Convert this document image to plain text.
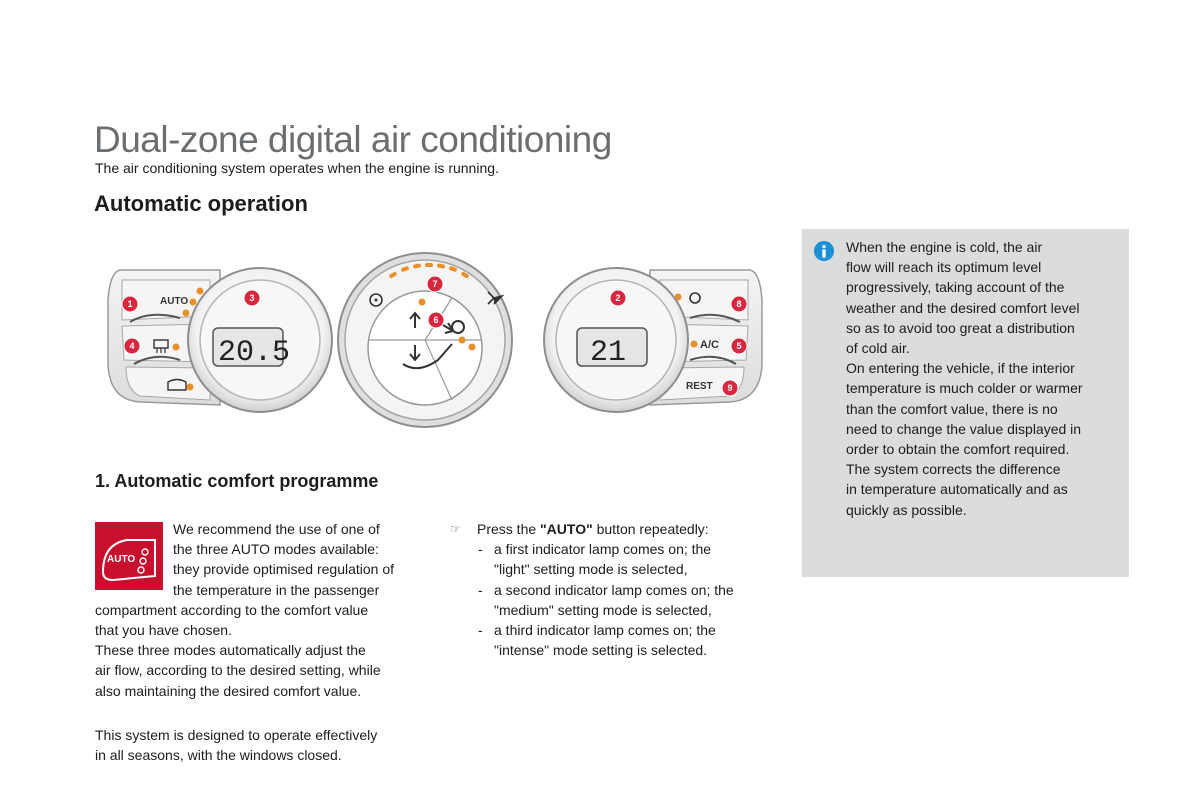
Dual-zone digital air conditioning
The air conditioning system operates when the engine is running.
Automatic operation
AUTO
20.5	A/C
REST
21
1
4
3
7
6
2
8
5
9
1. Automatic comfort programme
AUTO

We recommend the use of one of
the three AUTO modes available:
they provide optimised regulation of
the temperature in the passenger
compartment according to the comfort value
that you have chosen.
These three modes automatically adjust the
air flow, according to the desired setting, while
also maintaining the desired comfort value.

This system is designed to operate effectively
in all seasons, with the windows closed.

☞ Press the "AUTO" button repeatedly:
- a first indicator lamp comes on; the
"light" setting mode is selected,
- a second indicator lamp comes on; the
"medium" setting mode is selected,
- a third indicator lamp comes on; the
"intense" mode setting is selected.

When the engine is cold, the air
flow will reach its optimum level
progressively, taking account of the
weather and the desired comfort level
so as to avoid too great a distribution
of cold air.
On entering the vehicle, if the interior
temperature is much colder or warmer
than the comfort value, there is no
need to change the value displayed in
order to obtain the comfort required.
The system corrects the difference
in temperature automatically and as
quickly as possible.
